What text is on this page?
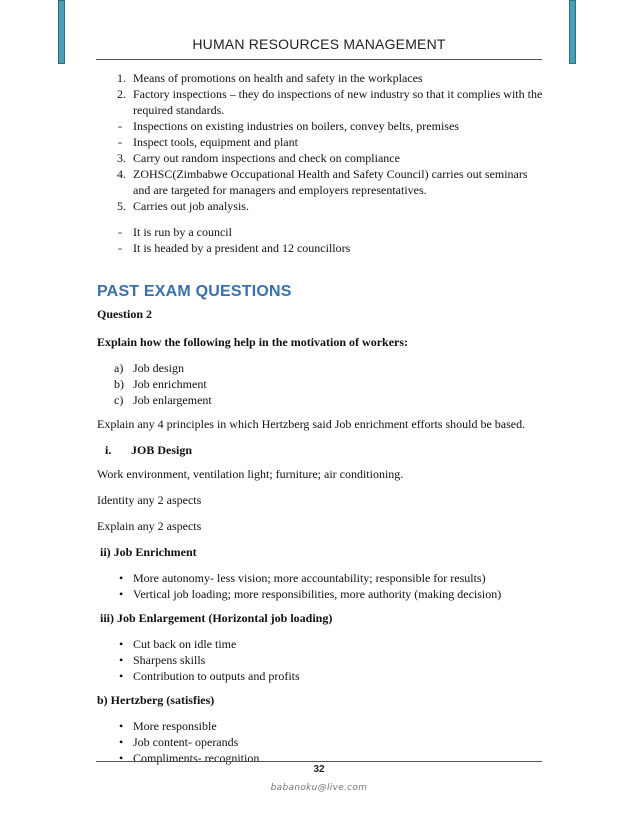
HUMAN RESOURCES MANAGEMENT
1. Means of promotions on health and safety in the workplaces
2. Factory inspections – they do inspections of new industry so that it complies with the required standards.
- Inspections on existing industries on boilers, convey belts, premises
- Inspect tools, equipment and plant
3. Carry out random inspections and check on compliance
4. ZOHSC(Zimbabwe Occupational Health and Safety Council) carries out seminars and are targeted for managers and employers representatives.
5. Carries out job analysis.
- It is run by a council
- It is headed by a president and 12 councillors
PAST EXAM QUESTIONS

Question 2

Explain how the following help in the motivation of workers:

a) Job design
b) Job enrichment
c) Job enlargement

Explain any 4 principles in which Hertzberg said Job enrichment efforts should be based.

i. JOB Design

Work environment, ventilation light; furniture; air conditioning.

Identity any 2 aspects

Explain any 2 aspects

ii) Job Enrichment

• More autonomy- less vision; more accountability; responsible for results)
• Vertical job loading; more responsibilities, more authority (making decision)

iii) Job Enlargement (Horizontal job loading)

• Cut back on idle time
• Sharpens skills
• Contribution to outputs and profits

b) Hertzberg (satisfies)

• More responsible
• Job content- operands
• Compliments- recognition
32
babanoku@live.com
